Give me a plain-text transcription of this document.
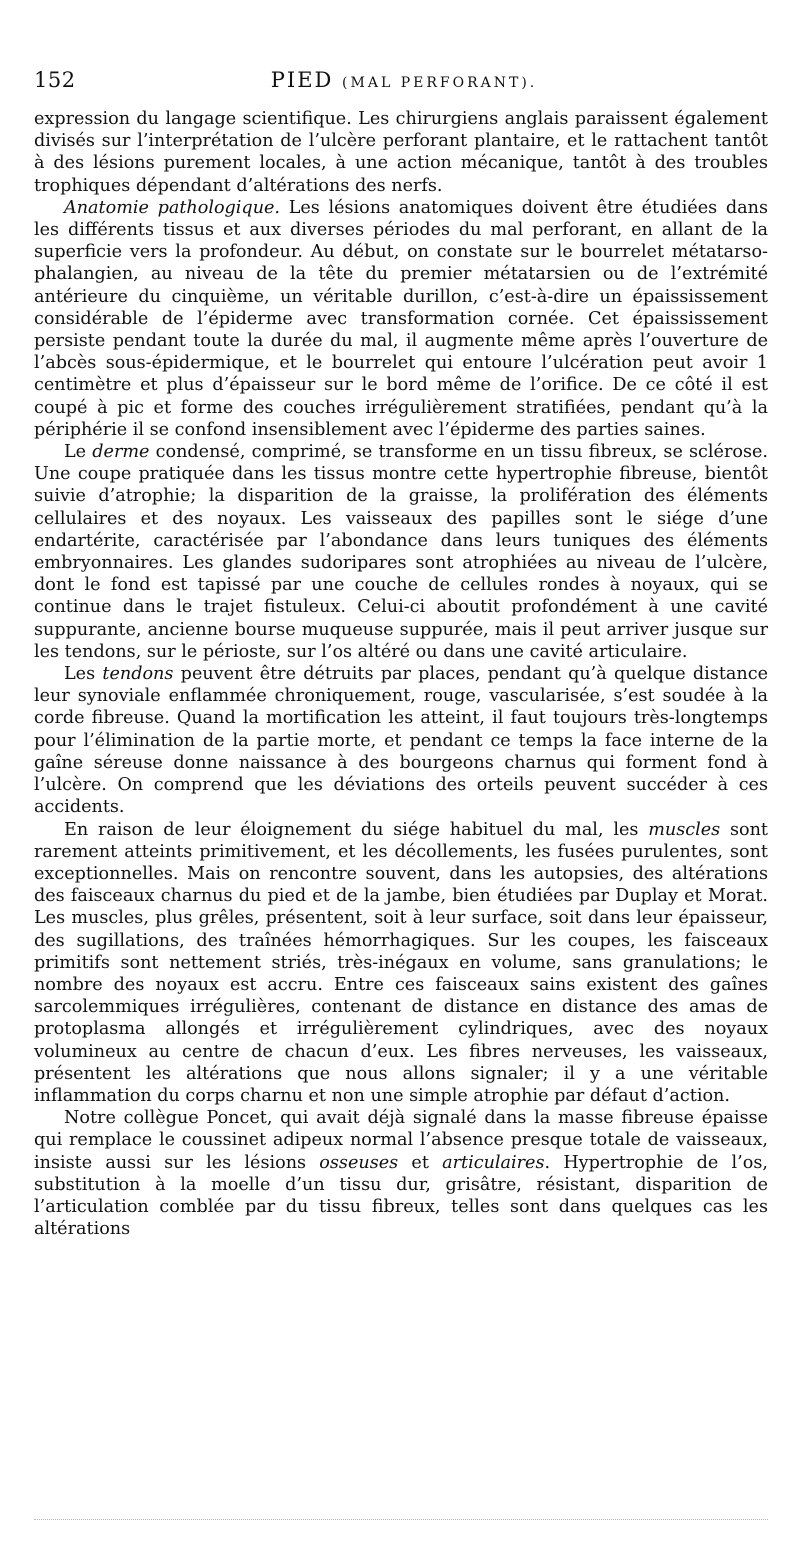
152	PIED (MAL PERFORANT).

expression du langage scientifique. Les chirurgiens anglais paraissent également divisés sur l’interprétation de l’ulcère perforant plantaire, et le rattachent tantôt à des lésions purement locales, à une action mécanique, tantôt à des troubles trophiques dépendant d’altérations des nerfs.

Anatomie pathologique. Les lésions anatomiques doivent être étudiées dans les différents tissus et aux diverses périodes du mal perforant, en allant de la superficie vers la profondeur. Au début, on constate sur le bourrelet métatarso-phalangien, au niveau de la tête du premier métatarsien ou de l’extrémité antérieure du cinquième, un véritable durillon, c’est-à-dire un épaississement considérable de l’épiderme avec transformation cornée. Cet épaississement persiste pendant toute la durée du mal, il augmente même après l’ouverture de l’abcès sous-épidermique, et le bourrelet qui entoure l’ulcération peut avoir 1 centimètre et plus d’épaisseur sur le bord même de l’orifice. De ce côté il est coupé à pic et forme des couches irrégulièrement stratifiées, pendant qu’à la périphérie il se confond insensiblement avec l’épiderme des parties saines.

Le derme condensé, comprimé, se transforme en un tissu fibreux, se sclérose. Une coupe pratiquée dans les tissus montre cette hypertrophie fibreuse, bientôt suivie d’atrophie; la disparition de la graisse, la prolifération des éléments cellulaires et des noyaux. Les vaisseaux des papilles sont le siége d’une endartérite, caractérisée par l’abondance dans leurs tuniques des éléments embryonnaires. Les glandes sudoripares sont atrophiées au niveau de l’ulcère, dont le fond est tapissé par une couche de cellules rondes à noyaux, qui se continue dans le trajet fistuleux. Celui-ci aboutit profondément à une cavité suppurante, ancienne bourse muqueuse suppurée, mais il peut arriver jusque sur les tendons, sur le périoste, sur l’os altéré ou dans une cavité articulaire.

Les tendons peuvent être détruits par places, pendant qu’à quelque distance leur synoviale enflammée chroniquement, rouge, vascularisée, s’est soudée à la corde fibreuse. Quand la mortification les atteint, il faut toujours très-longtemps pour l’élimination de la partie morte, et pendant ce temps la face interne de la gaîne séreuse donne naissance à des bourgeons charnus qui forment fond à l’ulcère. On comprend que les déviations des orteils peuvent succéder à ces accidents.

En raison de leur éloignement du siége habituel du mal, les muscles sont rarement atteints primitivement, et les décollements, les fusées purulentes, sont exceptionnelles. Mais on rencontre souvent, dans les autopsies, des altérations des faisceaux charnus du pied et de la jambe, bien étudiées par Duplay et Morat. Les muscles, plus grêles, présentent, soit à leur surface, soit dans leur épaisseur, des sugillations, des traînées hémorrhagiques. Sur les coupes, les faisceaux primitifs sont nettement striés, très-inégaux en volume, sans granulations; le nombre des noyaux est accru. Entre ces faisceaux sains existent des gaînes sarcolemmiques irrégulières, contenant de distance en distance des amas de protoplasma allongés et irrégulièrement cylindriques, avec des noyaux volumineux au centre de chacun d’eux. Les fibres nerveuses, les vaisseaux, présentent les altérations que nous allons signaler; il y a une véritable inflammation du corps charnu et non une simple atrophie par défaut d’action.

Notre collègue Poncet, qui avait déjà signalé dans la masse fibreuse épaisse qui remplace le coussinet adipeux normal l’absence presque totale de vaisseaux, insiste aussi sur les lésions osseuses et articulaires. Hypertrophie de l’os, substitution à la moelle d’un tissu dur, grisâtre, résistant, disparition de l’articulation comblée par du tissu fibreux, telles sont dans quelques cas les altérations
